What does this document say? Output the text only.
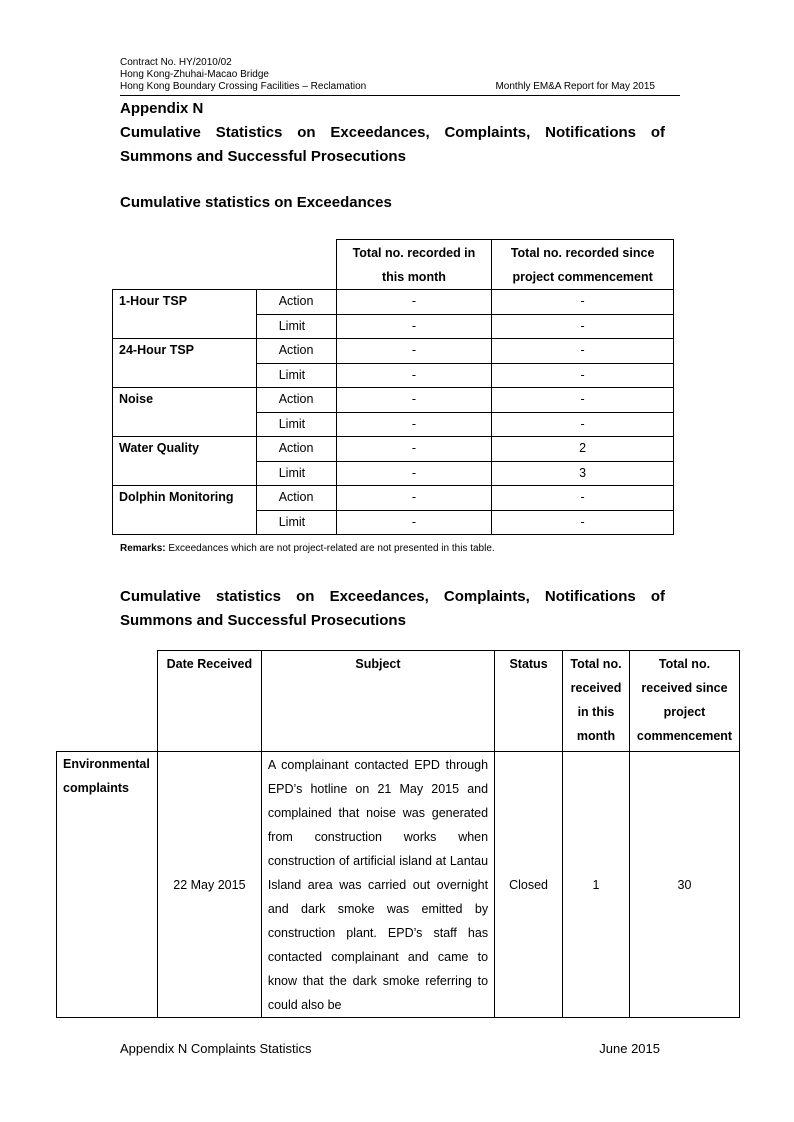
Contract No. HY/2010/02
Hong Kong-Zhuhai-Macao Bridge
Hong Kong Boundary Crossing Facilities – Reclamation	Monthly EM&A Report for May 2015
Appendix N
Cumulative Statistics on Exceedances, Complaints, Notifications of Summons and Successful Prosecutions
Cumulative statistics on Exceedances
		Total no. recorded in this month	Total no. recorded since project commencement
1-Hour TSP	Action	-	-
	Limit	-	-
24-Hour TSP	Action	-	-
	Limit	-	-
Noise	Action	-	-
	Limit	-	-
Water Quality	Action	-	2
	Limit	-	3
Dolphin Monitoring	Action	-	-
	Limit	-	-
Remarks: Exceedances which are not project-related are not presented in this table.
Cumulative statistics on Exceedances, Complaints, Notifications of Summons and Successful Prosecutions
	Date Received	Subject	Status	Total no. received in this month	Total no. received since project commencement
Environmental complaints	22 May 2015	A complainant contacted EPD through EPD’s hotline on 21 May 2015 and complained that noise was generated from construction works when construction of artificial island at Lantau Island area was carried out overnight and dark smoke was emitted by construction plant. EPD’s staff has contacted complainant and came to know that the dark smoke referring to could also be	Closed	1	30
Appendix N Complaints Statistics	June 2015
